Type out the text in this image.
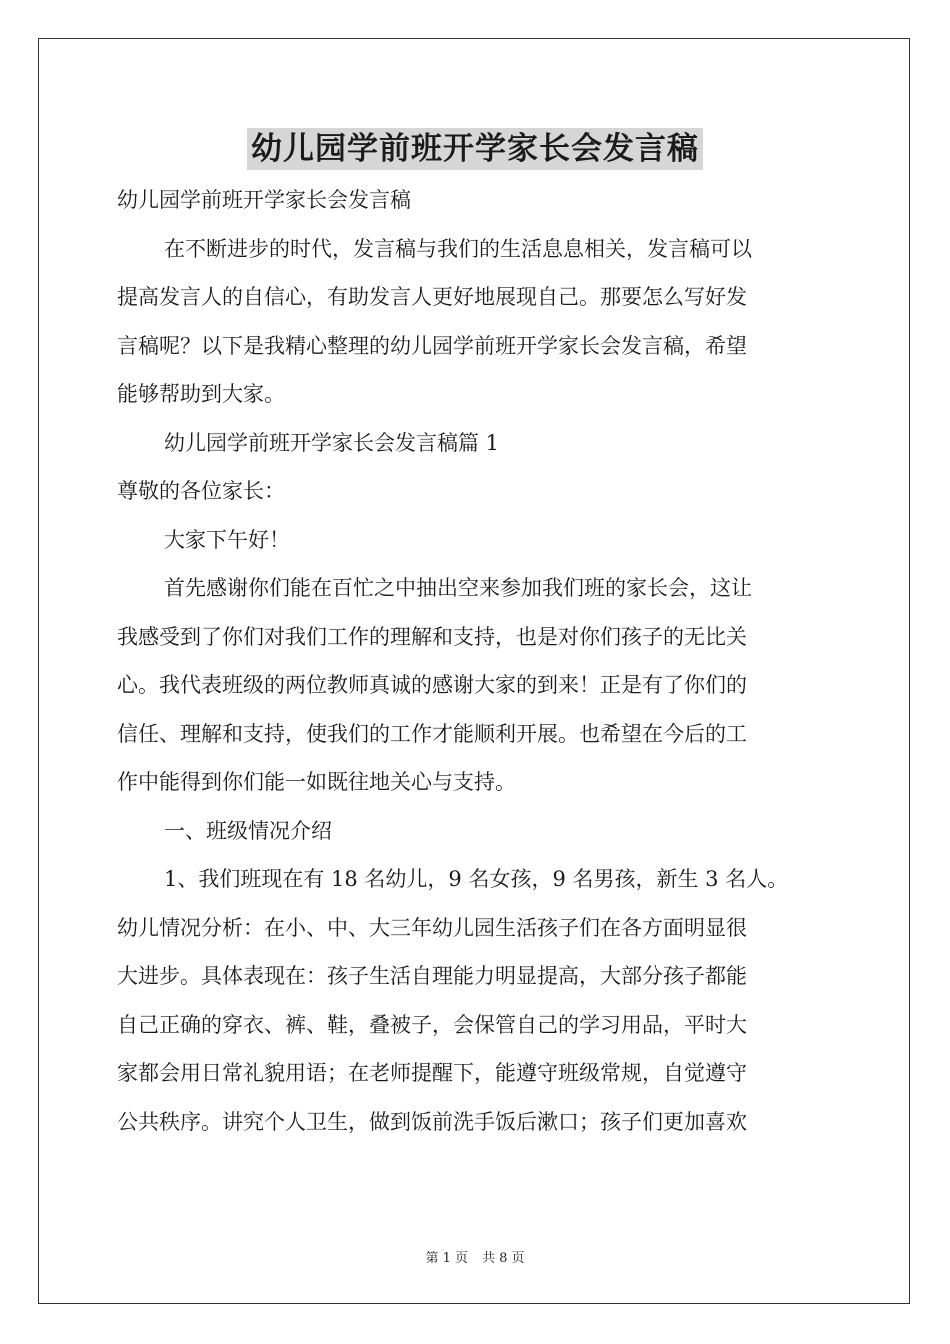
幼儿园学前班开学家长会发言稿
幼儿园学前班开学家长会发言稿
在不断进步的时代，发言稿与我们的生活息息相关，发言稿可以
提高发言人的自信心，有助发言人更好地展现自己。那要怎么写好发
言稿呢？以下是我精心整理的幼儿园学前班开学家长会发言稿，希望
能够帮助到大家。
幼儿园学前班开学家长会发言稿篇 1
尊敬的各位家长：
大家下午好！
首先感谢你们能在百忙之中抽出空来参加我们班的家长会，这让
我感受到了你们对我们工作的理解和支持，也是对你们孩子的无比关
心。我代表班级的两位教师真诚的感谢大家的到来！正是有了你们的
信任、理解和支持，使我们的工作才能顺利开展。也希望在今后的工
作中能得到你们能一如既往地关心与支持。
一、班级情况介绍
1、我们班现在有 18 名幼儿，9 名女孩，9 名男孩，新生 3 名人。
幼儿情况分析：在小、中、大三年幼儿园生活孩子们在各方面明显很
大进步。具体表现在：孩子生活自理能力明显提高，大部分孩子都能
自己正确的穿衣、裤、鞋，叠被子，会保管自己的学习用品，平时大
家都会用日常礼貌用语；在老师提醒下，能遵守班级常规，自觉遵守
公共秩序。讲究个人卫生，做到饭前洗手饭后漱口；孩子们更加喜欢
第 1 页 共 8 页
